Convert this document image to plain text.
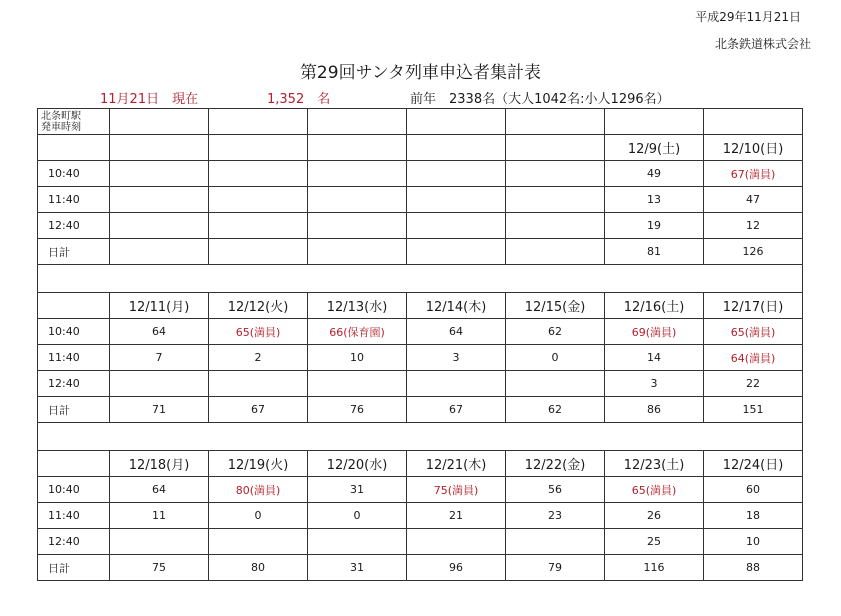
平成29年11月21日
北条鉄道株式会社
第29回サンタ列車申込者集計表
11月21日　現在	1,352　名	前年　2338名（大人1042名:小人1296名）
北条町駅
発車時刻							

						12/9(土)	12/10(日)
10:40						49	67(満員)
11:40						13	47
12:40						19	12
日計						81	126

	12/11(月)	12/12(火)	12/13(水)	12/14(木)	12/15(金)	12/16(土)	12/17(日)
10:40	64	65(満員)	66(保育園)	64	62	69(満員)	65(満員)
11:40	7	2	10	3	0	14	64(満員)
12:40						3	22
日計	71	67	76	67	62	86	151

	12/18(月)	12/19(火)	12/20(水)	12/21(木)	12/22(金)	12/23(土)	12/24(日)
10:40	64	80(満員)	31	75(満員)	56	65(満員)	60
11:40	11	0	0	21	23	26	18
12:40						25	10
日計	75	80	31	96	79	116	88
